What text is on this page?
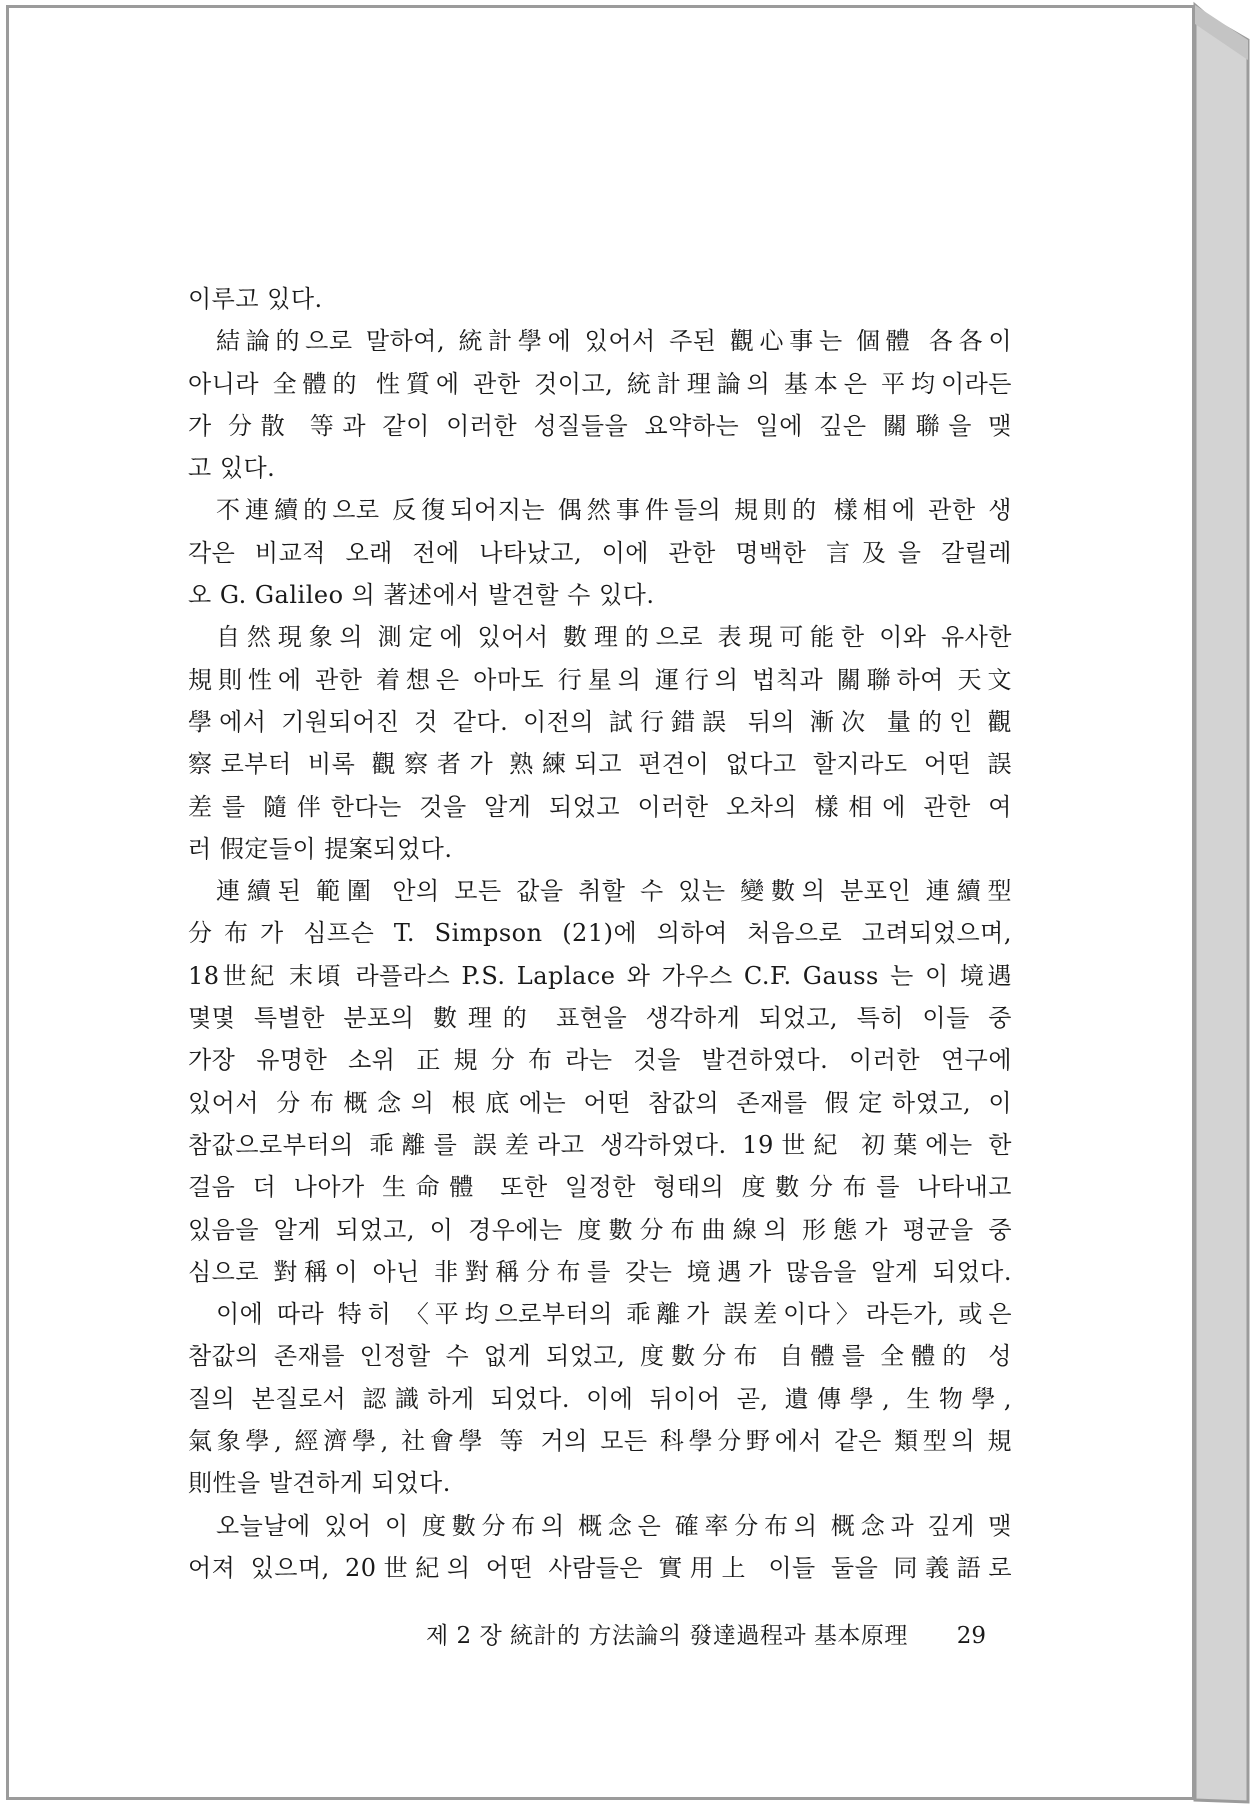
이루고 있다.
結論的으로 말하여, 統計學에 있어서 주된 觀心事는 個體 各各이
아니라 全體的 性質에 관한 것이고, 統計理論의 基本은 平均이라든
가 分散 等과 같이 이러한 성질들을 요약하는 일에 깊은 關聯을 맺
고 있다.
不連續的으로 反復되어지는 偶然事件들의 規則的 樣相에 관한 생
각은 비교적 오래 전에 나타났고, 이에 관한 명백한 言及을 갈릴레
오 G. Galileo 의 著述에서 발견할 수 있다.
自然現象의 測定에 있어서 數理的으로 表現可能한 이와 유사한
規則性에 관한 着想은 아마도 行星의 運行의 법칙과 關聯하여 天文
學에서 기원되어진 것 같다. 이전의 試行錯誤 뒤의 漸次 量的인 觀
察로부터 비록 觀察者가 熟練되고 편견이 없다고 할지라도 어떤 誤
差를 隨伴한다는 것을 알게 되었고 이러한 오차의 樣相에 관한 여
러 假定들이 提案되었다.
連續된 範圍 안의 모든 값을 취할 수 있는 變數의 분포인 連續型
分布가 심프슨 T. Simpson (21)에 의하여 처음으로 고려되었으며,
18世紀 末頃 라플라스 P.S. Laplace 와 가우스 C.F. Gauss 는 이 境遇
몇몇 특별한 분포의 數理的 표현을 생각하게 되었고, 특히 이들 중
가장 유명한 소위 正規分布라는 것을 발견하였다. 이러한 연구에
있어서 分布概念의 根底에는 어떤 참값의 존재를 假定하였고, 이
참값으로부터의 乖離를 誤差라고 생각하였다. 19世紀 初葉에는 한
걸음 더 나아가 生命體 또한 일정한 형태의 度數分布를 나타내고
있음을 알게 되었고, 이 경우에는 度數分布曲線의 形態가 평균을 중
심으로 對稱이 아닌 非對稱分布를 갖는 境遇가 많음을 알게 되었다.
이에 따라 特히 〈平均으로부터의 乖離가 誤差이다〉라든가, 或은
참값의 존재를 인정할 수 없게 되었고, 度數分布 自體를 全體的 성
질의 본질로서 認識하게 되었다. 이에 뒤이어 곧, 遺傳學, 生物學,
氣象學, 經濟學, 社會學 等 거의 모든 科學分野에서 같은 類型의 規
則性을 발견하게 되었다.
오늘날에 있어 이 度數分布의 概念은 確率分布의 概念과 깊게 맺
어져 있으며, 20世紀의 어떤 사람들은 實用上 이들 둘을 同義語로
제 2 장 統計的 方法論의 發達過程과 基本原理	29
